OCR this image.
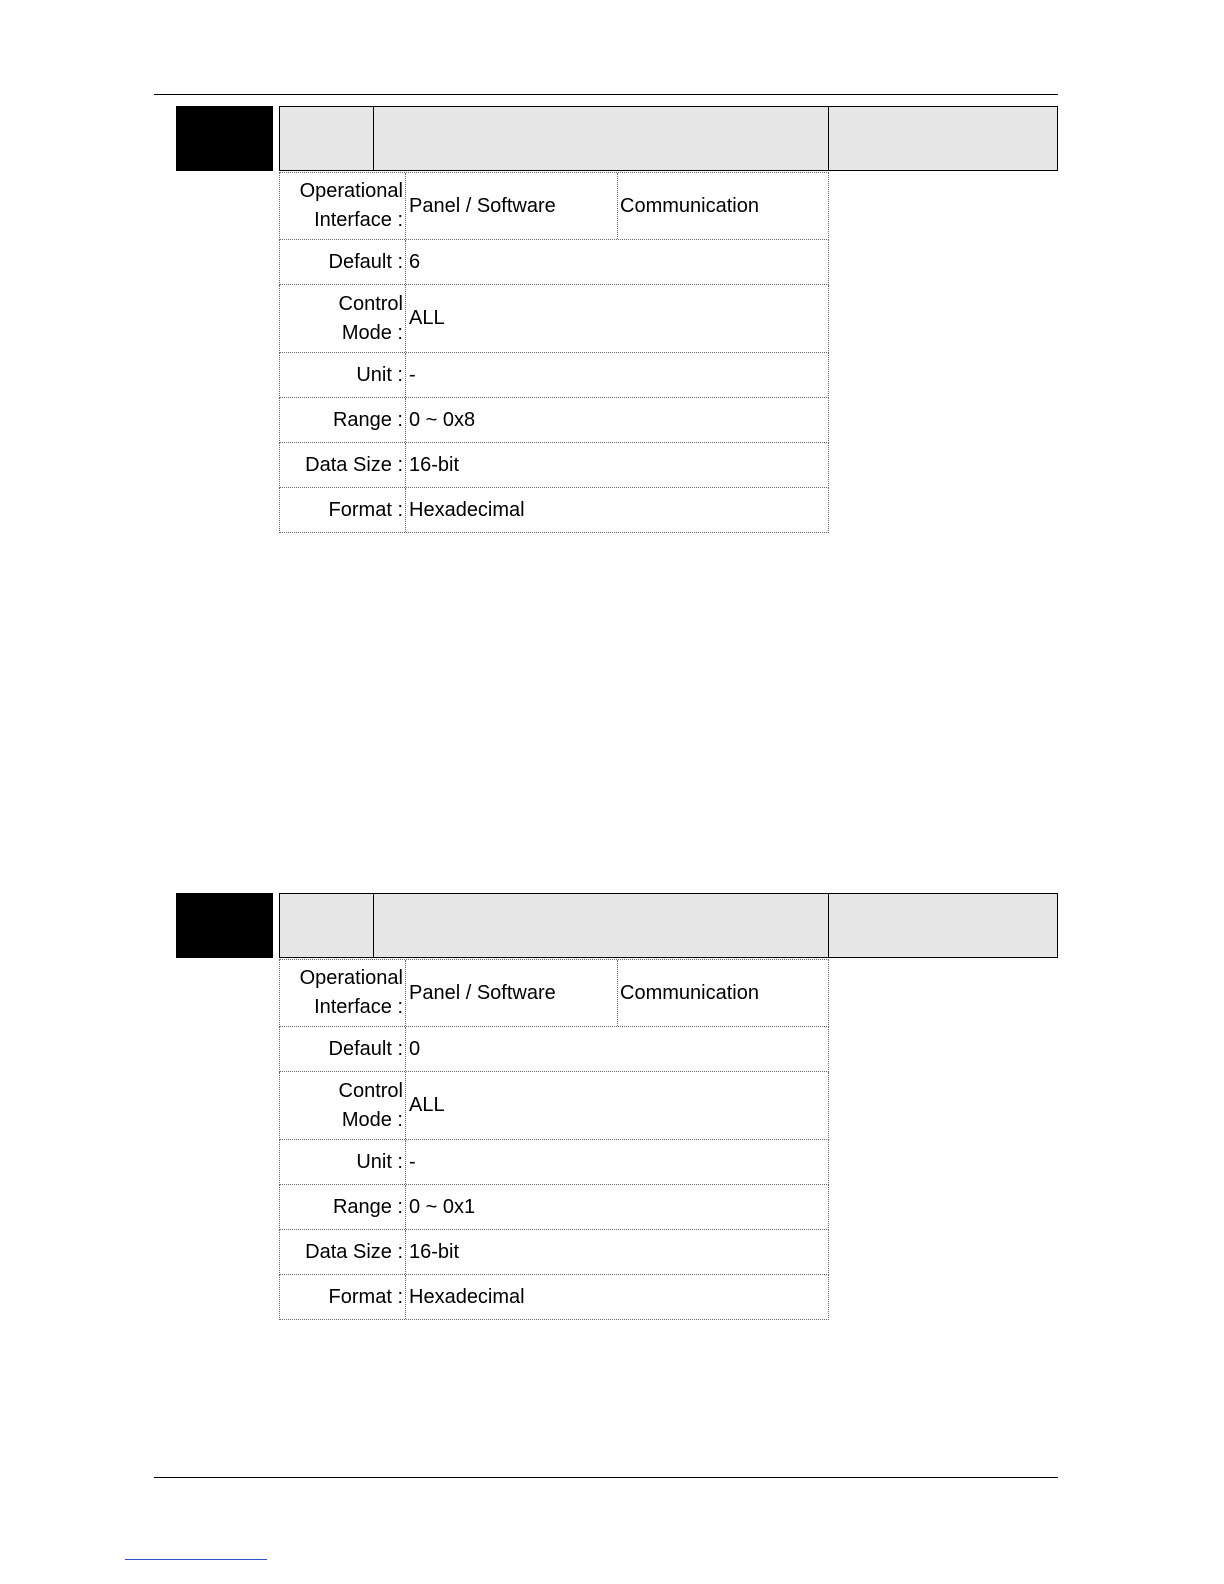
Operational
Interface :
Panel / Software	Communication
Default : 6
Control
Mode :
ALL
Unit : -
Range : 0 ~ 0x8
Data Size : 16-bit
Format : Hexadecimal
Operational
Interface :
Panel / Software	Communication
Default : 0
Control
Mode :
ALL
Unit : -
Range : 0 ~ 0x1
Data Size : 16-bit
Format : Hexadecimal
